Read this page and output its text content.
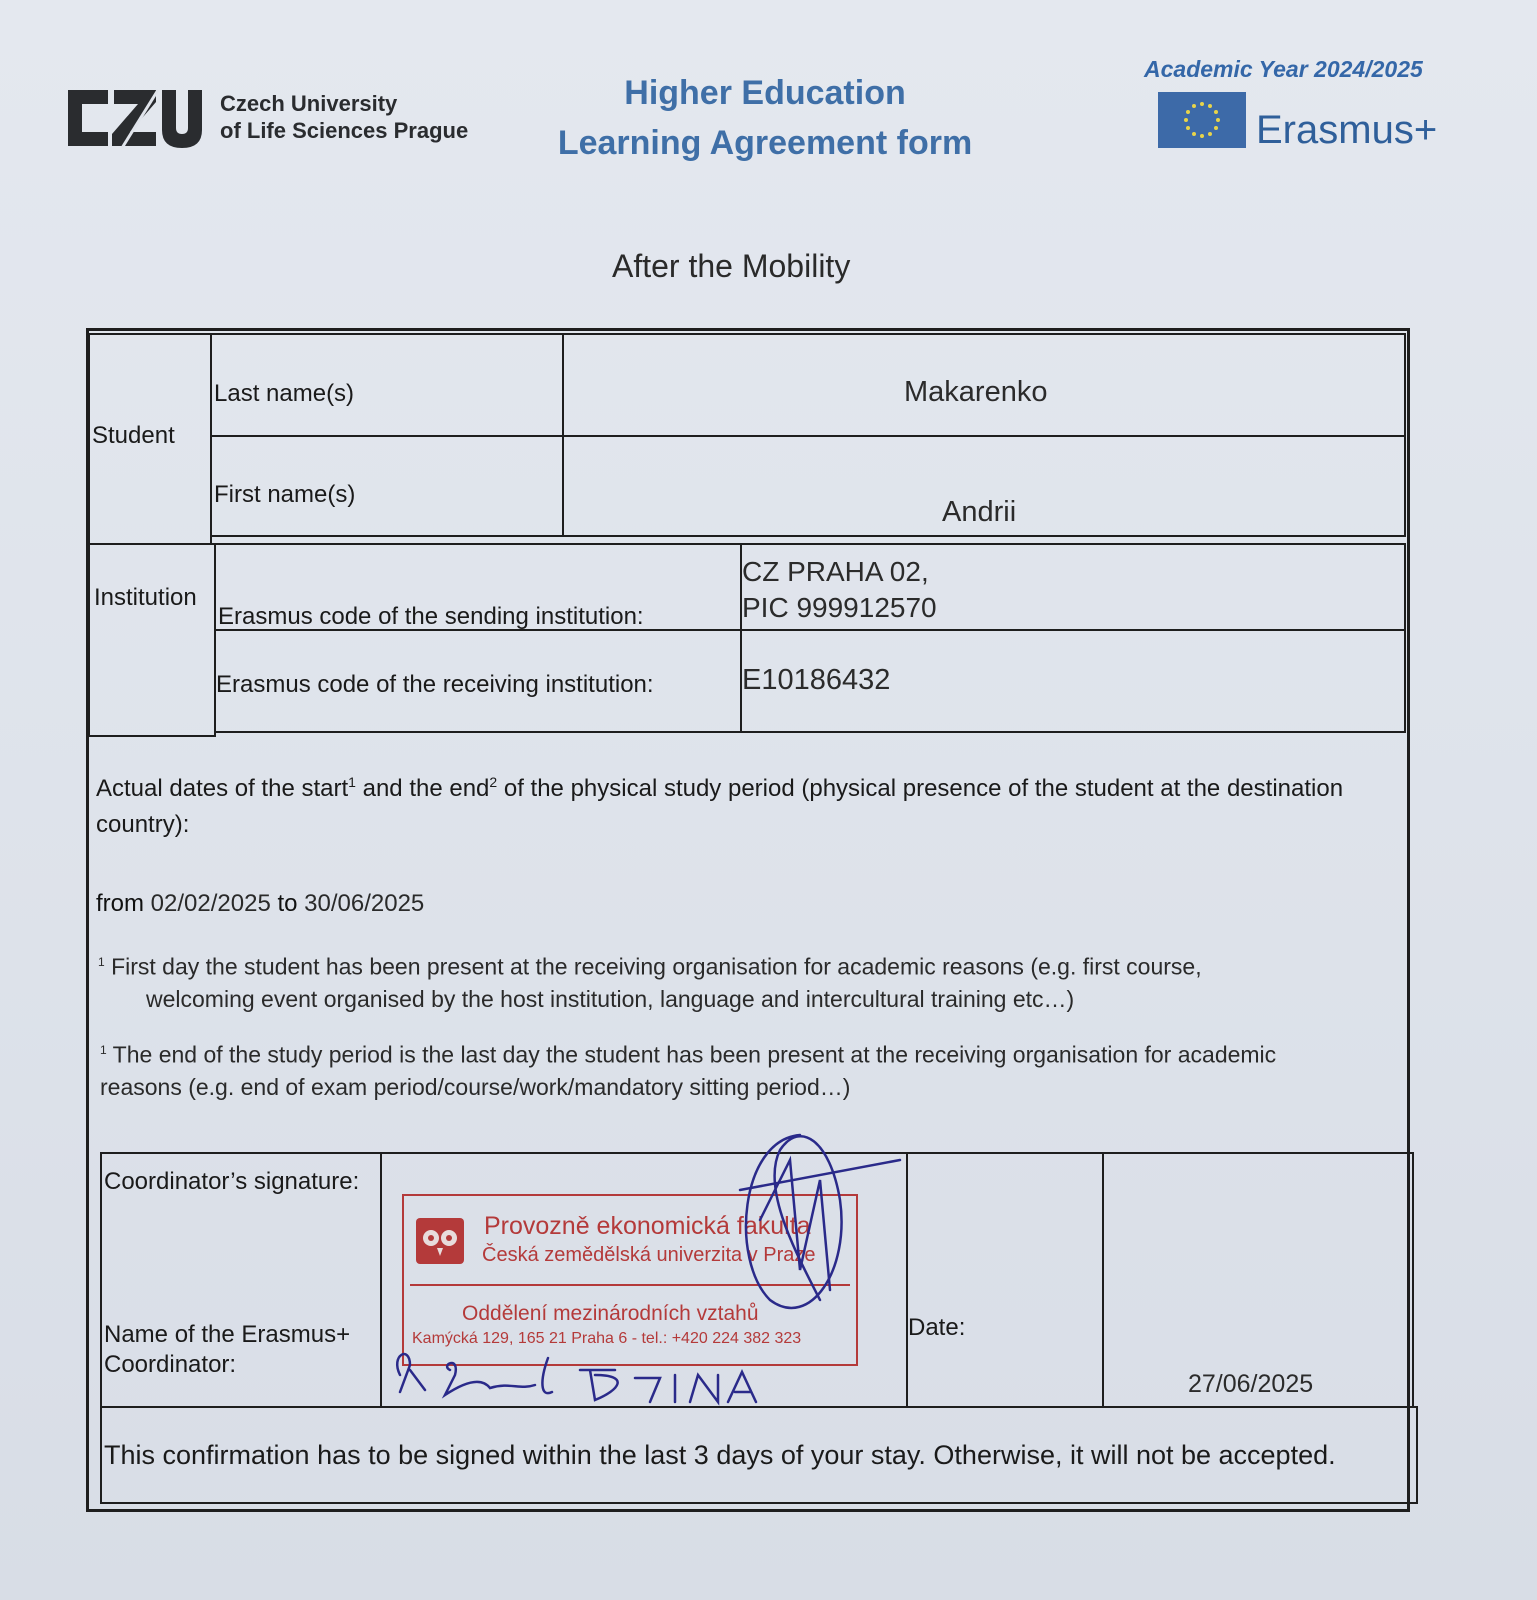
Czech University
of Life Sciences Prague
Higher Education
Learning Agreement form
Academic Year 2024/2025
Erasmus+
After the Mobility
Student
Last name(s)	Makarenko
First name(s)
Andrii
Institution
Erasmus code of the sending institution:
CZ PRAHA 02,
PIC 999912570
Erasmus code of the receiving institution:	E10186432
Actual dates of the start$^1$ and the end$^2$ of the physical study period (physical presence of the student at the destination country):
from 02/02/2025 to 30/06/2025
$^1$ First day the student has been present at the receiving organisation for academic reasons (e.g. first course,
welcoming event organised by the host institution, language and intercultural training etc…)
$^1$ The end of the study period is the last day the student has been present at the receiving organisation for academic
reasons (e.g. end of exam period/course/work/mandatory sitting period…)
Coordinator’s signature:
Name of the Erasmus+
Coordinator:
Date:
27/06/2025
Provozně ekonomická fakulta
Česká zemědělská univerzita v Praze
Oddělení mezinárodních vztahů
Kamýcká 129, 165 21 Praha 6 - tel.: +420 224 382 323
This confirmation has to be signed within the last 3 days of your stay. Otherwise, it will not be accepted.
